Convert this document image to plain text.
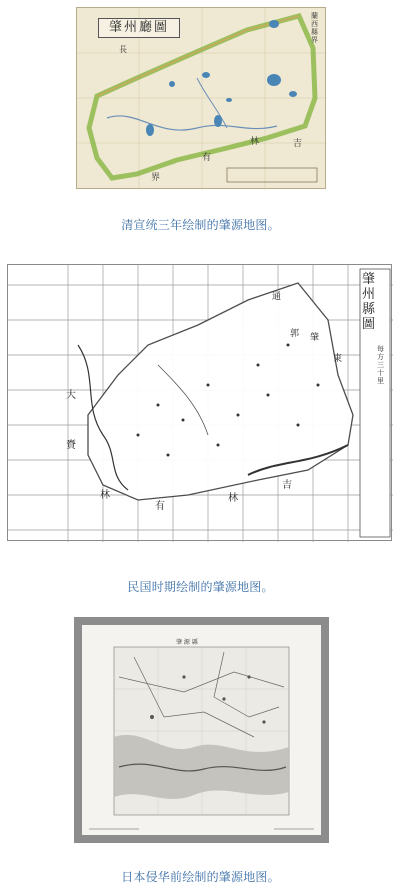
肇州廳圖
蘭西縣界
長
吉
林
界
有
清宣统三年绘制的肇源地图。
肇州縣圖
每方三十里
大
賚
有
林
吉
林
通
郭 肇
東
民国时期绘制的肇源地图。
肇 源 縣
日本侵华前绘制的肇源地图。
